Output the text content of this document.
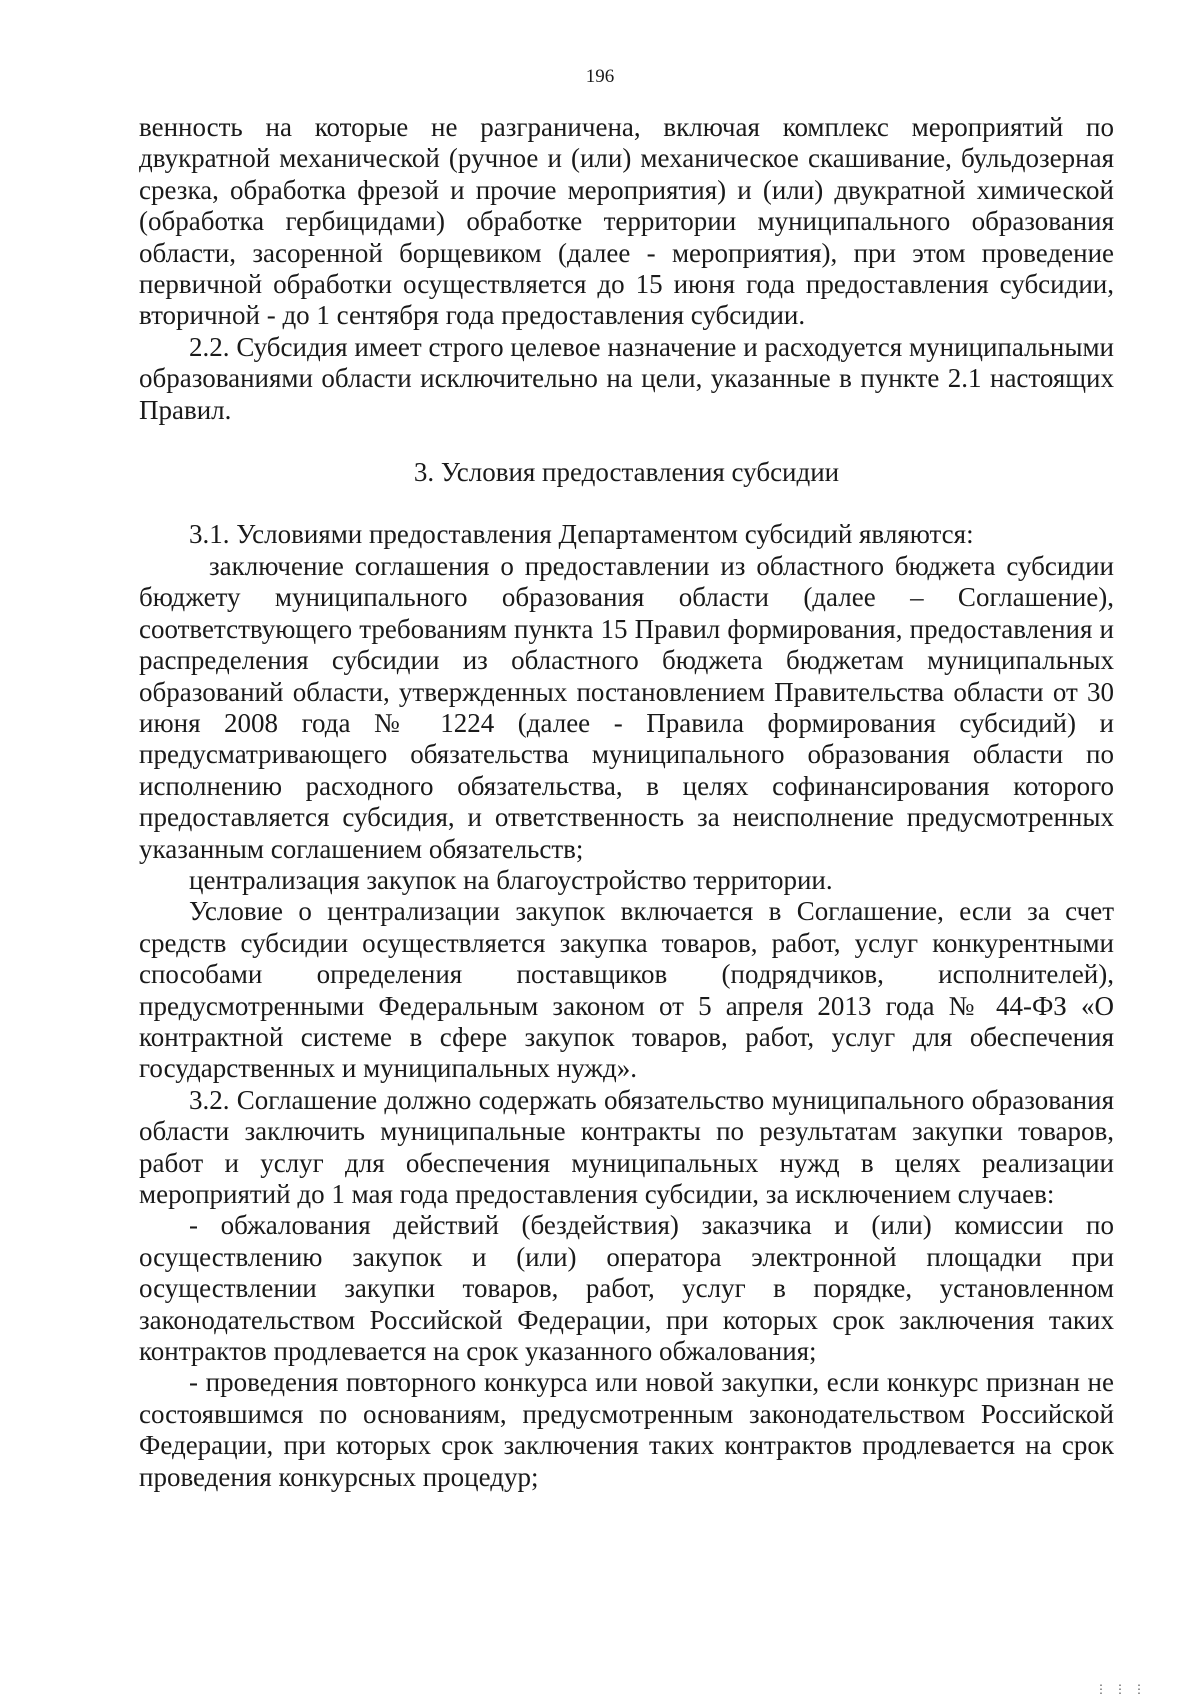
196

венность на которые не разграничена, включая комплекс мероприятий по двукратной механической (ручное и (или) механическое скашивание, бульдозерная срезка, обработка фрезой и прочие мероприятия) и (или) двукратной химической (обработка гербицидами) обработке территории муниципального образования области, засоренной борщевиком (далее - мероприятия), при этом проведение первичной обработки осуществляется до 15 июня года предоставления субсидии, вторичной - до 1 сентября года предоставления субсидии.

2.2. Субсидия имеет строго целевое назначение и расходуется муниципальными образованиями области исключительно на цели, указанные в пункте 2.1 настоящих Правил.

3. Условия предоставления субсидии

3.1. Условиями предоставления Департаментом субсидий являются:

заключение соглашения о предоставлении из областного бюджета субсидии бюджету муниципального образования области (далее – Соглашение), соответствующего требованиям пункта 15 Правил формирования, предоставления и распределения субсидии из областного бюджета бюджетам муниципальных образований области, утвержденных постановлением Правительства области от 30 июня 2008 года № 1224 (далее - Правила формирования субсидий) и предусматривающего обязательства муниципального образования области по исполнению расходного обязательства, в целях софинансирования которого предоставляется субсидия, и ответственность за неисполнение предусмотренных указанным соглашением обязательств;

централизация закупок на благоустройство территории.

Условие о централизации закупок включается в Соглашение, если за счет средств субсидии осуществляется закупка товаров, работ, услуг конкурентными способами определения поставщиков (подрядчиков, исполнителей), предусмотренными Федеральным законом от 5 апреля 2013 года № 44-ФЗ «О контрактной системе в сфере закупок товаров, работ, услуг для обеспечения государственных и муниципальных нужд».

3.2. Соглашение должно содержать обязательство муниципального образования области заключить муниципальные контракты по результатам закупки товаров, работ и услуг для обеспечения муниципальных нужд в целях реализации мероприятий до 1 мая года предоставления субсидии, за исключением случаев:

- обжалования действий (бездействия) заказчика и (или) комиссии по осуществлению закупок и (или) оператора электронной площадки при осуществлении закупки товаров, работ, услуг в порядке, установленном законодательством Российской Федерации, при которых срок заключения таких контрактов продлевается на срок указанного обжалования;

- проведения повторного конкурса или новой закупки, если конкурс признан не состоявшимся по основаниям, предусмотренным законодательством Российской Федерации, при которых срок заключения таких контрактов продлевается на срок проведения конкурсных процедур;

⋮ ⋮ ⋮
